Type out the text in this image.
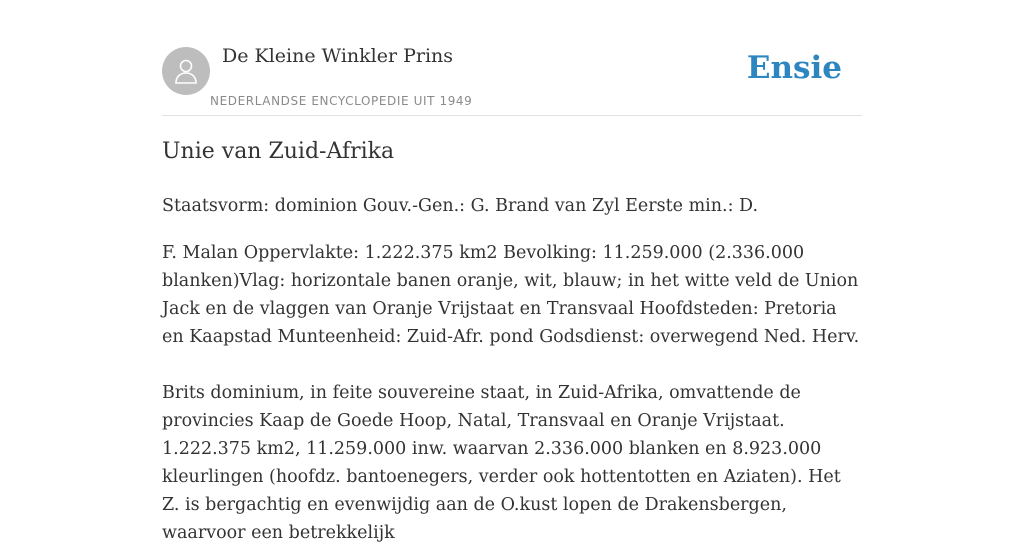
De Kleine Winkler Prins
NEDERLANDSE ENCYCLOPEDIE UIT 1949
Ensie
Unie van Zuid-Afrika

Staatsvorm: dominion Gouv.-Gen.: G. Brand van Zyl Eerste min.: D.

F. Malan Oppervlakte: 1.222.375 km2 Bevolking: 11.259.000 (2.336.000 blanken)Vlag: horizontale banen oranje, wit, blauw; in het witte veld de Union Jack en de vlaggen van Oranje Vrijstaat en Transvaal Hoofdsteden: Pretoria en Kaapstad Munteenheid: Zuid-Afr. pond Godsdienst: overwegend Ned. Herv.

Brits dominium, in feite souvereine staat, in Zuid-Afrika, omvattende de provincies Kaap de Goede Hoop, Natal, Transvaal en Oranje Vrijstaat. 1.222.375 km2, 11.259.000 inw. waarvan 2.336.000 blanken en 8.923.000 kleurlingen (hoofdz. bantoenegers, verder ook hottentotten en Aziaten). Het Z. is bergachtig en evenwijdig aan de O.kust lopen de Drakensbergen, waarvoor een betrekkelijk
